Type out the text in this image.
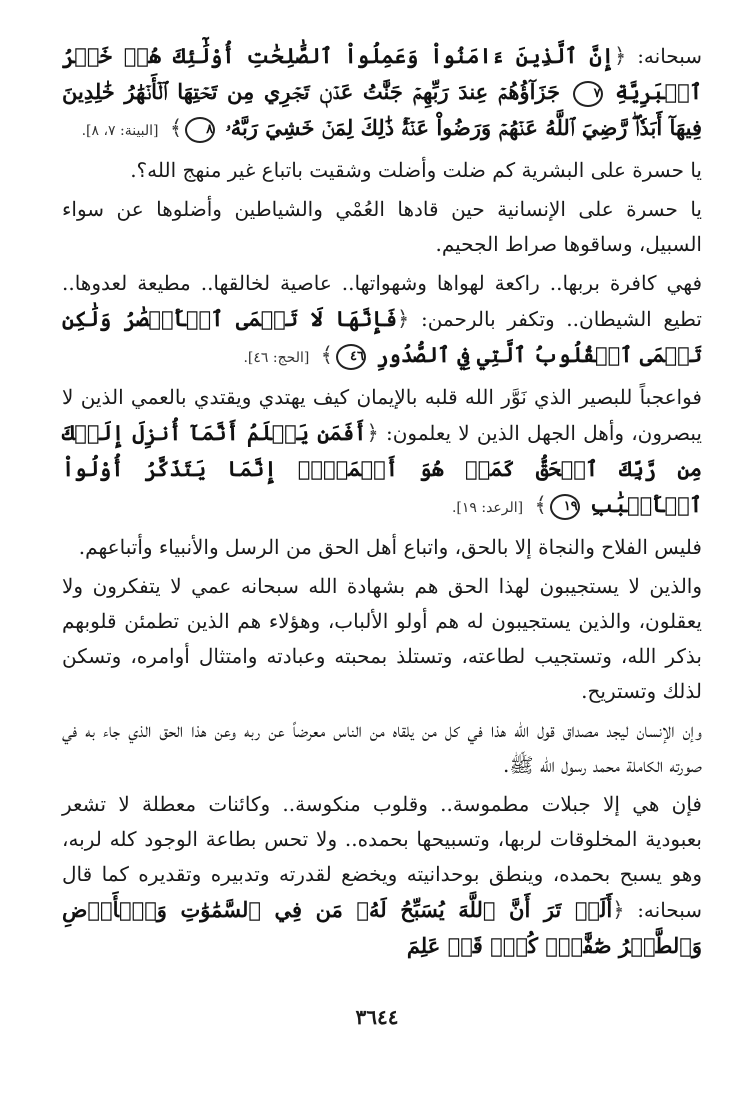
سبحانه: ﴿إِنَّ ٱلَّذِينَ ءَامَنُواْ وَعَمِلُواْ ٱلصَّٰلِحَٰتِ أُوْلَٰٓئِكَ هُمۡ خَيۡرُ ٱلۡبَرِيَّةِ ٧ جَزَآؤُهُمۡ عِندَ رَبِّهِمۡ جَنَّٰتُ عَدۡنٖ تَجۡرِي مِن تَحۡتِهَا ٱلۡأَنۡهَٰرُ خَٰلِدِينَ فِيهَآ أَبَدٗاۖ رَّضِيَ ٱللَّهُ عَنۡهُمۡ وَرَضُواْ عَنۡهُۚ ذَٰلِكَ لِمَنۡ خَشِيَ رَبَّهُۥ ٨﴾ [البينة: ٧، ٨].

يا حسرة على البشرية كم ضلت وأضلت وشقيت باتباع غير منهج الله؟.

يا حسرة على الإنسانية حين قادها العُمْي والشياطين وأضلوها عن سواء السبيل، وساقوها صراط الجحيم.

فهي كافرة بربها.. راكعة لهواها وشهواتها.. عاصية لخالقها.. مطيعة لعدوها.. تطيع الشيطان.. وتكفر بالرحمن: ﴿فَإِنَّهَا لَا تَعۡمَى ٱلۡأَبۡصَٰرُ وَلَٰكِن تَعۡمَى ٱلۡقُلُوبُ ٱلَّتِي فِي ٱلصُّدُورِ ٤٦﴾ [الحج: ٤٦].

فواعجباً للبصير الذي نَوَّر الله قلبه بالإيمان كيف يهتدي ويقتدي بالعمي الذين لا يبصرون، وأهل الجهل الذين لا يعلمون: ﴿أَفَمَن يَعۡلَمُ أَنَّمَآ أُنزِلَ إِلَيۡكَ مِن رَّبِّكَ ٱلۡحَقُّ كَمَنۡ هُوَ أَعۡمَىٰٓۚ إِنَّمَا يَتَذَكَّرُ أُوْلُواْ ٱلۡأَلۡبَٰبِ ١٩﴾ [الرعد: ١٩].

فليس الفلاح والنجاة إلا بالحق، واتباع أهل الحق من الرسل والأنبياء وأتباعهم.

والذين لا يستجيبون لهذا الحق هم بشهادة الله سبحانه عمي لا يتفكرون ولا يعقلون، والذين يستجيبون له هم أولو الألباب، وهؤلاء هم الذين تطمئن قلوبهم بذكر الله، وتستجيب لطاعته، وتستلذ بمحبته وعبادته وامتثال أوامره، وتسكن لذلك وتستريح.

وإن الإنسان ليجد مصداق قول الله هذا في كل من يلقاه من الناس معرضاً عن ربه وعن هذا الحق الذي جاء به في صورته الكاملة محمد رسول الله ﷺ.

فإن هي إلا جبلات مطموسة.. وقلوب منكوسة.. وكائنات معطلة لا تشعر بعبودية المخلوقات لربها، وتسبيحها بحمده.. ولا تحس بطاعة الوجود كله لربه، وهو يسبح بحمده، وينطق بوحدانيته ويخضع لقدرته وتدبيره وتقديره كما قال سبحانه: ﴿أَلَمۡ تَرَ أَنَّ ٱللَّهَ يُسَبِّحُ لَهُۥ مَن فِي ٱلسَّمَٰوَٰتِ وَٱلۡأَرۡضِ وَٱلطَّيۡرُ صَٰٓفَّٰتٖۖ كُلّٞ قَدۡ عَلِمَ

٣٦٤٤
